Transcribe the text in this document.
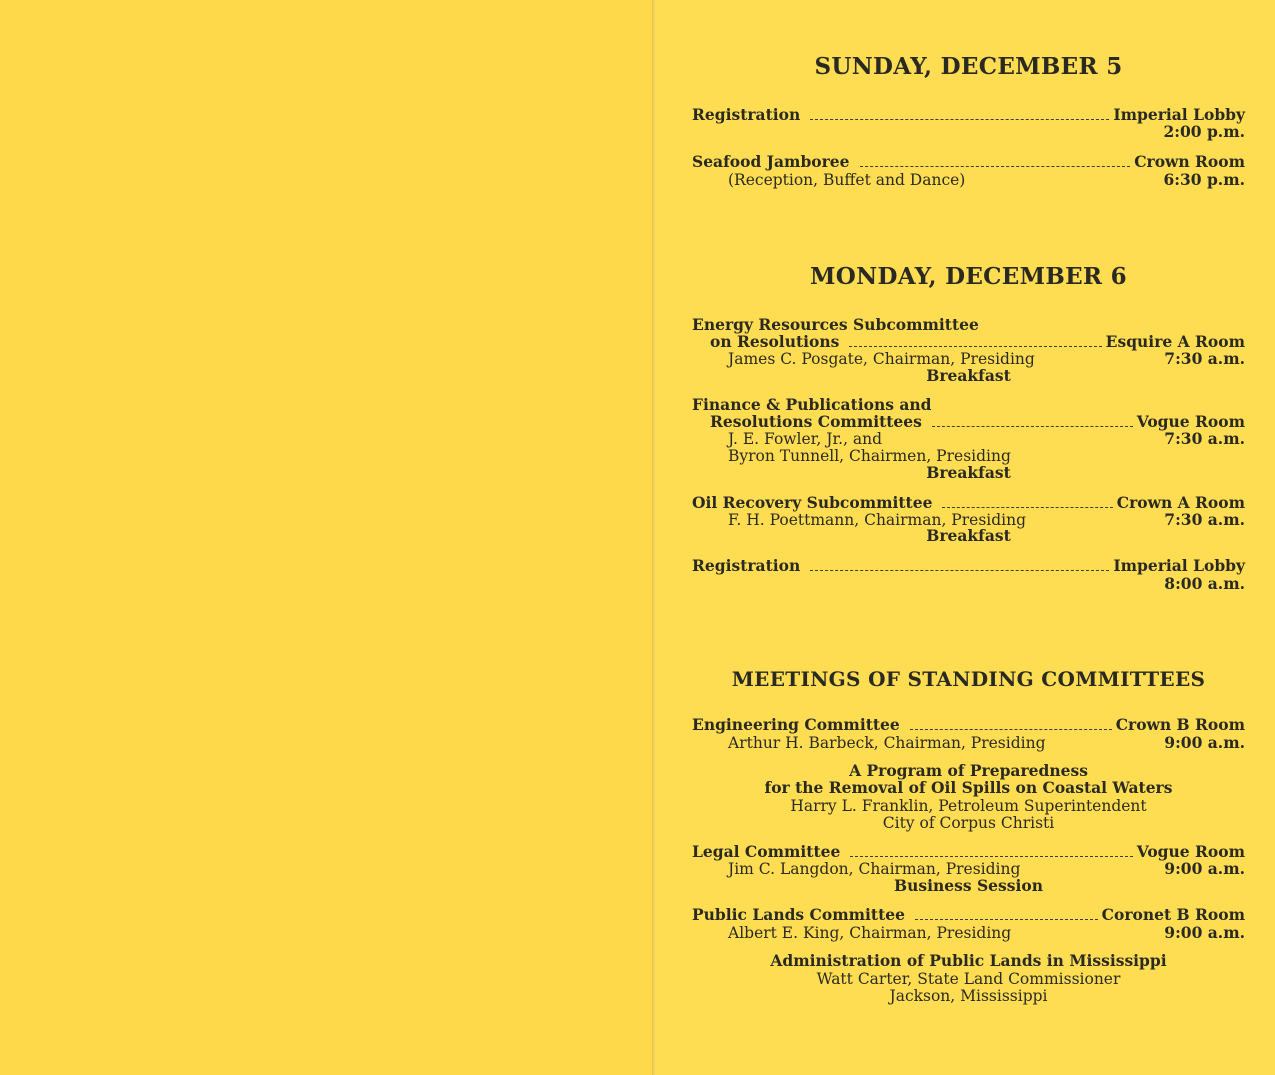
SUNDAY, DECEMBER 5
Registration	Imperial Lobby
2:00 p.m.
Seafood Jamboree	Crown Room
(Reception, Buffet and Dance)	6:30 p.m.
MONDAY, DECEMBER 6
Energy Resources Subcommittee
on Resolutions	Esquire A Room
James C. Posgate, Chairman, Presiding	7:30 a.m.
Breakfast
Finance & Publications and
Resolutions Committees	Vogue Room
J. E. Fowler, Jr., and	7:30 a.m.
Byron Tunnell, Chairmen, Presiding
Breakfast
Oil Recovery Subcommittee	Crown A Room
F. H. Poettmann, Chairman, Presiding	7:30 a.m.
Breakfast
Registration	Imperial Lobby
8:00 a.m.
MEETINGS OF STANDING COMMITTEES
Engineering Committee	Crown B Room
Arthur H. Barbeck, Chairman, Presiding	9:00 a.m.
A Program of Preparedness
for the Removal of Oil Spills on Coastal Waters
Harry L. Franklin, Petroleum Superintendent
City of Corpus Christi
Legal Committee	Vogue Room
Jim C. Langdon, Chairman, Presiding	9:00 a.m.
Business Session
Public Lands Committee	Coronet B Room
Albert E. King, Chairman, Presiding	9:00 a.m.
Administration of Public Lands in Mississippi
Watt Carter, State Land Commissioner
Jackson, Mississippi
